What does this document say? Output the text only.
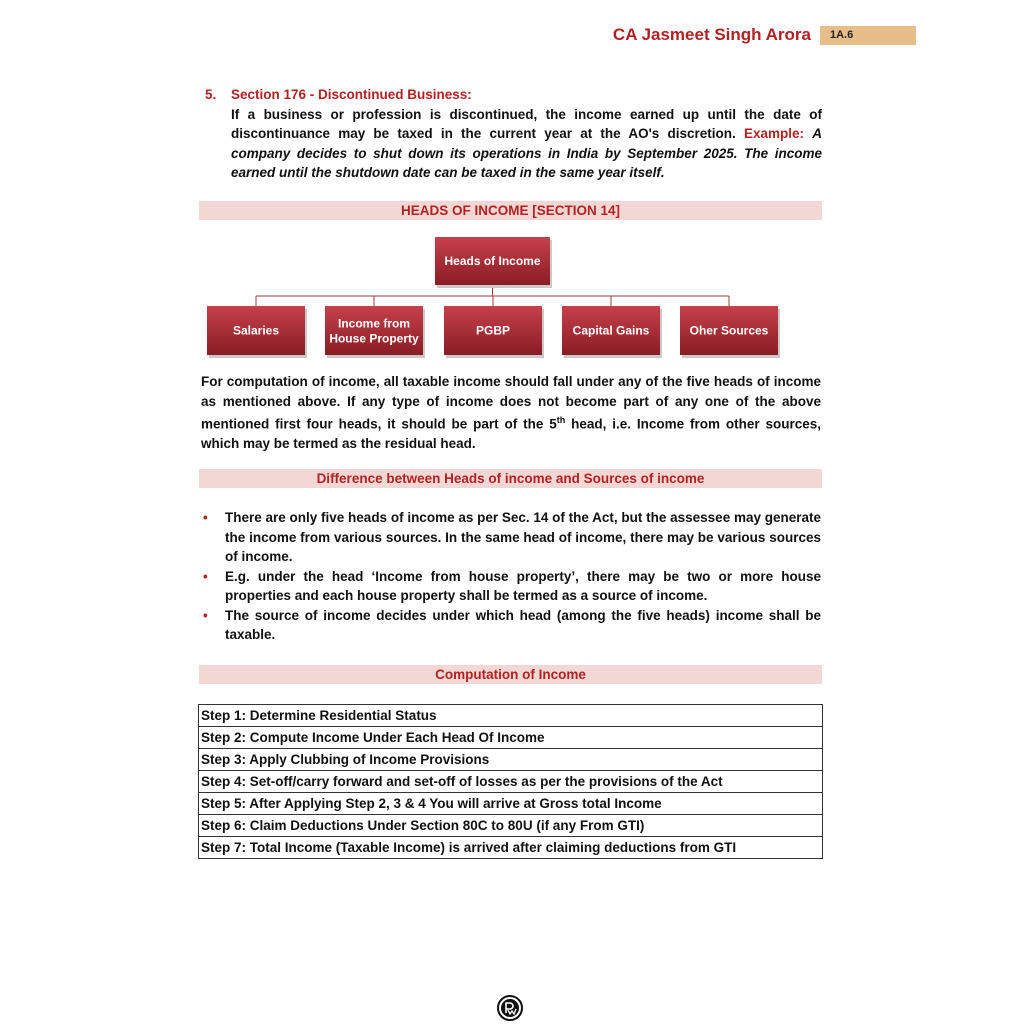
CA Jasmeet Singh Arora	1A.6
5. Section 176 - Discontinued Business:
If a business or profession is discontinued, the income earned up until the date of discontinuance may be taxed in the current year at the AO's discretion. Example: A company decides to shut down its operations in India by September 2025. The income earned until the shutdown date can be taxed in the same year itself.
HEADS OF INCOME [SECTION 14]
Heads of Income
Salaries	Income from
House Property
PGBP	Capital Gains	Oher Sources
For computation of income, all taxable income should fall under any of the five heads of income as mentioned above. If any type of income does not become part of any one of the above mentioned first four heads, it should be part of the 5th head, i.e. Income from other sources, which may be termed as the residual head.
Difference between Heads of income and Sources of income
• There are only five heads of income as per Sec. 14 of the Act, but the assessee may generate the income from various sources. In the same head of income, there may be various sources of income.
• E.g. under the head ‘Income from house property’, there may be two or more house properties and each house property shall be termed as a source of income.
• The source of income decides under which head (among the five heads) income shall be taxable.
Computation of Income
Step 1: Determine Residential Status
Step 2: Compute Income Under Each Head Of Income
Step 3: Apply Clubbing of Income Provisions
Step 4: Set-off/carry forward and set-off of losses as per the provisions of the Act
Step 5: After Applying Step 2, 3 & 4 You will arrive at Gross total Income
Step 6: Claim Deductions Under Section 80C to 80U (if any From GTI)
Step 7: Total Income (Taxable Income) is arrived after claiming deductions from GTI
